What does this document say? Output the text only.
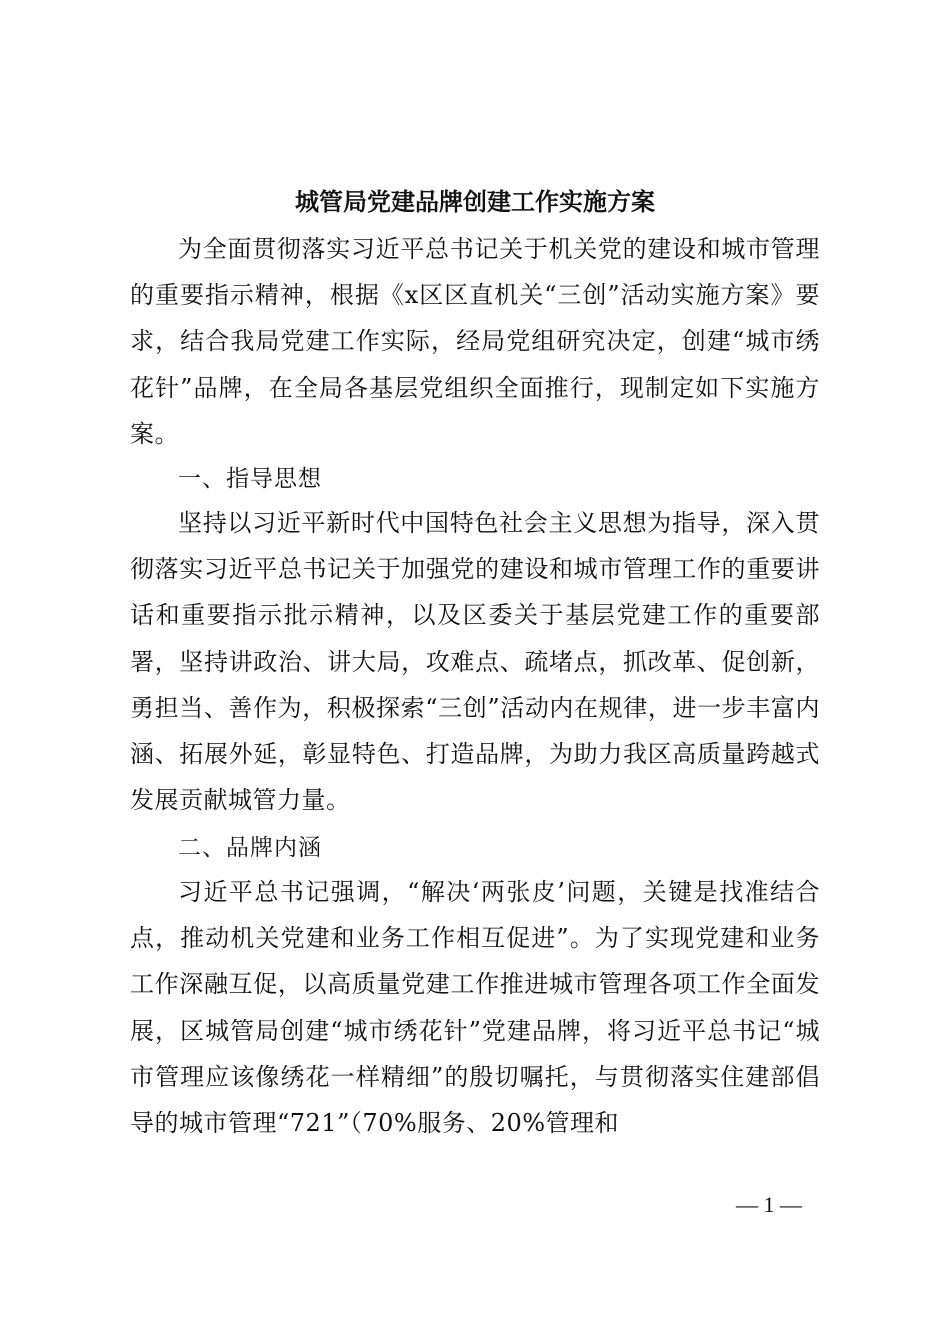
城管局党建品牌创建工作实施方案
为全面贯彻落实习近平总书记关于机关党的建设和城市管理的重要指示精神，根据《x区区直机关“三创”活动实施方案》要求，结合我局党建工作实际，经局党组研究决定，创建“城市绣花针”品牌，在全局各基层党组织全面推行，现制定如下实施方案。
一、指导思想
坚持以习近平新时代中国特色社会主义思想为指导，深入贯彻落实习近平总书记关于加强党的建设和城市管理工作的重要讲话和重要指示批示精神，以及区委关于基层党建工作的重要部署，坚持讲政治、讲大局，攻难点、疏堵点，抓改革、促创新，勇担当、善作为，积极探索“三创”活动内在规律，进一步丰富内涵、拓展外延，彰显特色、打造品牌，为助力我区高质量跨越式发展贡献城管力量。
二、品牌内涵
习近平总书记强调，“解决‘两张皮’问题，关键是找准结合点，推动机关党建和业务工作相互促进”。为了实现党建和业务工作深融互促，以高质量党建工作推进城市管理各项工作全面发展，区城管局创建“城市绣花针”党建品牌，将习近平总书记“城市管理应该像绣花一样精细”的殷切嘱托，与贯彻落实住建部倡导的城市管理“721”（70%服务、20%管理和
— 1 —
